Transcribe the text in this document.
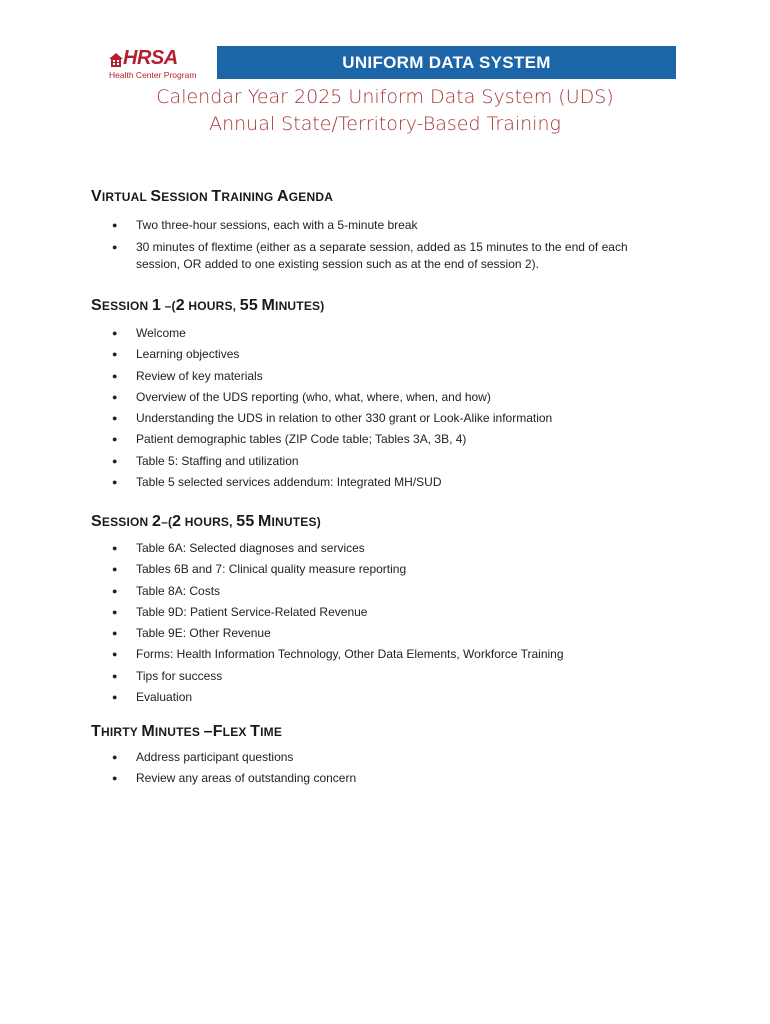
HRSA
Health Center Program
UNIFORM DATA SYSTEM
Calendar Year 2025 Uniform Data System (UDS)
Annual State/Territory-Based Training
VIRTUAL SESSION TRAINING AGENDA
● Two three-hour sessions, each with a 5-minute break
● 30 minutes of flextime (either as a separate session, added as 15 minutes to the end of each session, OR added to one existing session such as at the end of session 2).
SESSION 1 –(2 HOURS, 55 MINUTES)
● Welcome
● Learning objectives
● Review of key materials
● Overview of the UDS reporting (who, what, where, when, and how)
● Understanding the UDS in relation to other 330 grant or Look-Alike information
● Patient demographic tables (ZIP Code table; Tables 3A, 3B, 4)
● Table 5: Staffing and utilization
● Table 5 selected services addendum: Integrated MH/SUD
SESSION 2–(2 HOURS, 55 MINUTES)
● Table 6A: Selected diagnoses and services
● Tables 6B and 7: Clinical quality measure reporting
● Table 8A: Costs
● Table 9D: Patient Service-Related Revenue
● Table 9E: Other Revenue
● Forms: Health Information Technology, Other Data Elements, Workforce Training
● Tips for success
● Evaluation
THIRTY MINUTES –FLEX TIME
● Address participant questions
● Review any areas of outstanding concern
